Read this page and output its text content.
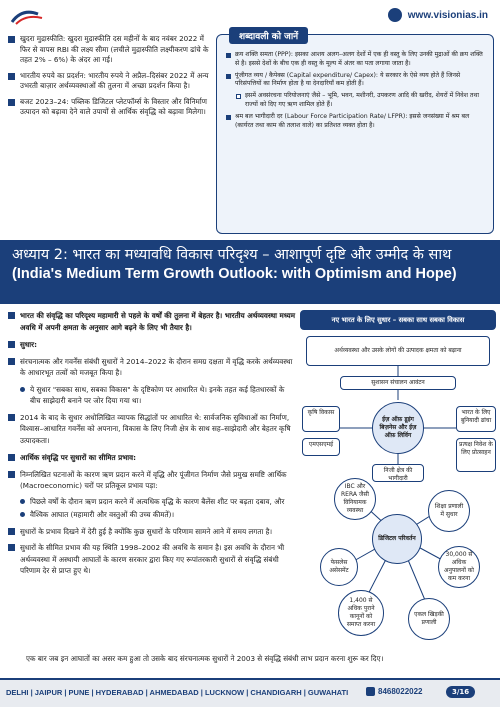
www.visionias.in
खुदरा मुद्रास्फीति: खुदरा मुद्रास्फीति दस महीनों के बाद नवंबर 2022 में फिर से वापस RBI की लक्ष्य सीमा (लचीले मुद्रास्फीति लक्ष्यीकरण ढांचे के तहत 2% – 6%) के अंदर आ गई।
भारतीय रुपये का प्रदर्शन: भारतीय रुपये ने अप्रैल–दिसंबर 2022 में अन्य उभरती बाज़ार अर्थव्यवस्थाओं की तुलना में अच्छा प्रदर्शन किया है।
बजट 2023–24: पब्लिक डिजिटल प्लेटफॉर्म्स के विस्तार और विनिर्माण उत्पादन को बढ़ावा देने वाले उपायों से आर्थिक संवृद्धि को बढ़ावा मिलेगा।
शब्दावली को जानें
क्रय शक्ति समता (PPP): इसका आशय अलग–अलग देशों में एक ही वस्तु के लिए उनकी मुद्राओं की क्रय शक्ति से है। इससे देशों के बीच एक ही वस्तु के मूल्य में अंतर का पता लगाया जाता है।
पूंजीगत व्यय / कैपेक्स (Capital expenditure/ Capex): ये सरकार के ऐसे व्यय होते हैं जिनसे परिसंपत्तियों का निर्माण होता है या देनदारियाँ कम होती हैं।
इसमें अवसंरचना परियोजनाएं जैसे – भूमि, भवन, मशीनरी, उपकरण आदि की खरीद, शेयरों में निवेश तथा राज्यों को दिए गए ऋण शामिल होते हैं।
श्रम बल भागीदारी दर (Labour Force Participation Rate/ LFPR): इससे जनसंख्या में श्रम बल (कार्यरत तथा काम की तलाश वाले) का प्रतिशत व्यक्त होता है।
अध्याय 2: भारत का मध्यावधि विकास परिदृश्य – आशापूर्ण दृष्टि और उम्मीद के साथ (India's Medium Term Growth Outlook: with Optimism and Hope)
भारत की संवृद्धि का परिदृश्य महामारी से पहले के वर्षों की तुलना में बेहतर है। भारतीय अर्थव्यवस्था मध्यम अवधि में अपनी क्षमता के अनुसार आगे बढ़ने के लिए भी तैयार है।
सुधार:
संरचनात्मक और गवर्नेंस संबंधी सुधारों ने 2014–2022 के दौरान समग्र दक्षता में वृद्धि करके अर्थव्यवस्था के आधारभूत तत्वों को मजबूत किया है।
ये सुधार "सबका साथ, सबका विकास" के दृष्टिकोण पर आधारित थे। इनके तहत कई हितधारकों के बीच साझेदारी बनाने पर जोर दिया गया था।
2014 के बाद के सुधार अधोलिखित व्यापक सिद्धांतों पर आधारित थे: सार्वजनिक सुविधाओं का निर्माण, विश्वास–आधारित गवर्नेंस को अपनाना, विकास के लिए निजी क्षेत्र के साथ सह–साझेदारी और बेहतर कृषि उत्पादकता।
आर्थिक संवृद्धि पर सुधारों का सीमित प्रभाव:
निम्नलिखित घटनाओं के कारण ऋण प्रदान करने में वृद्धि और पूंजीगत निर्माण जैसे प्रमुख समष्टि आर्थिक (Macroeconomic) चरों पर प्रतिकूल प्रभाव पड़ा:
पिछले वर्षों के दौरान ऋण प्रदान करने में अत्यधिक वृद्धि के कारण बैलेंस शीट पर बढ़ता दबाव, और
वैश्विक आघात (महामारी और वस्तुओं की उच्च कीमतें)।
सुधारों के प्रभाव दिखने में देरी हुई है क्योंकि कुछ सुधारों के परिणाम सामने आने में समय लगता है।
सुधारों के सीमित प्रभाव की यह स्थिति 1998–2002 की अवधि के समान है। इस अवधि के दौरान भी अर्थव्यवस्था में अस्थायी आघातों के कारण सरकार द्वारा किए गए रूपांतरकारी सुधारों से संवृद्धि संबंधी परिणाम देर से प्राप्त हुए थे।
नए भारत के लिए सुधार – सबका साथ सबका विकास
अर्थव्यवस्था और उसके लोगों की उत्पादक क्षमता को बढ़ाना
सुशासन संचालन आवंटन
कृषि विकास
एमएसएमई
ईज़ ऑफ़ डूइंग बिज़नेस और ईज़ ऑफ़ लिविंग
भारत के लिए बुनियादी ढांचा
प्रत्यक्ष निवेश के लिए प्रोत्साहन
निजी क्षेत्र की भागीदारी
IBC और RERA जैसी विनियामक व्यवस्था
शिक्षा प्रणाली में सुधार
डिजिटल परिवर्तन
फेसलेस असेसमेंट
30,000 से अधिक अनुपालनों को कम करना
1,400 से अधिक पुराने कानूनों को समाप्त करना
एकल खिड़की प्रणाली
एक बार जब इन आघातों का असर कम हुआ तो उसके बाद संरचनात्मक सुधारों ने 2003 से संवृद्धि संबंधी लाभ प्रदान करना शुरू कर दिए।
DELHI | JAIPUR | PUNE | HYDERABAD | AHMEDABAD | LUCKNOW | CHANDIGARH | GUWAHATI	8468022022	3/16
